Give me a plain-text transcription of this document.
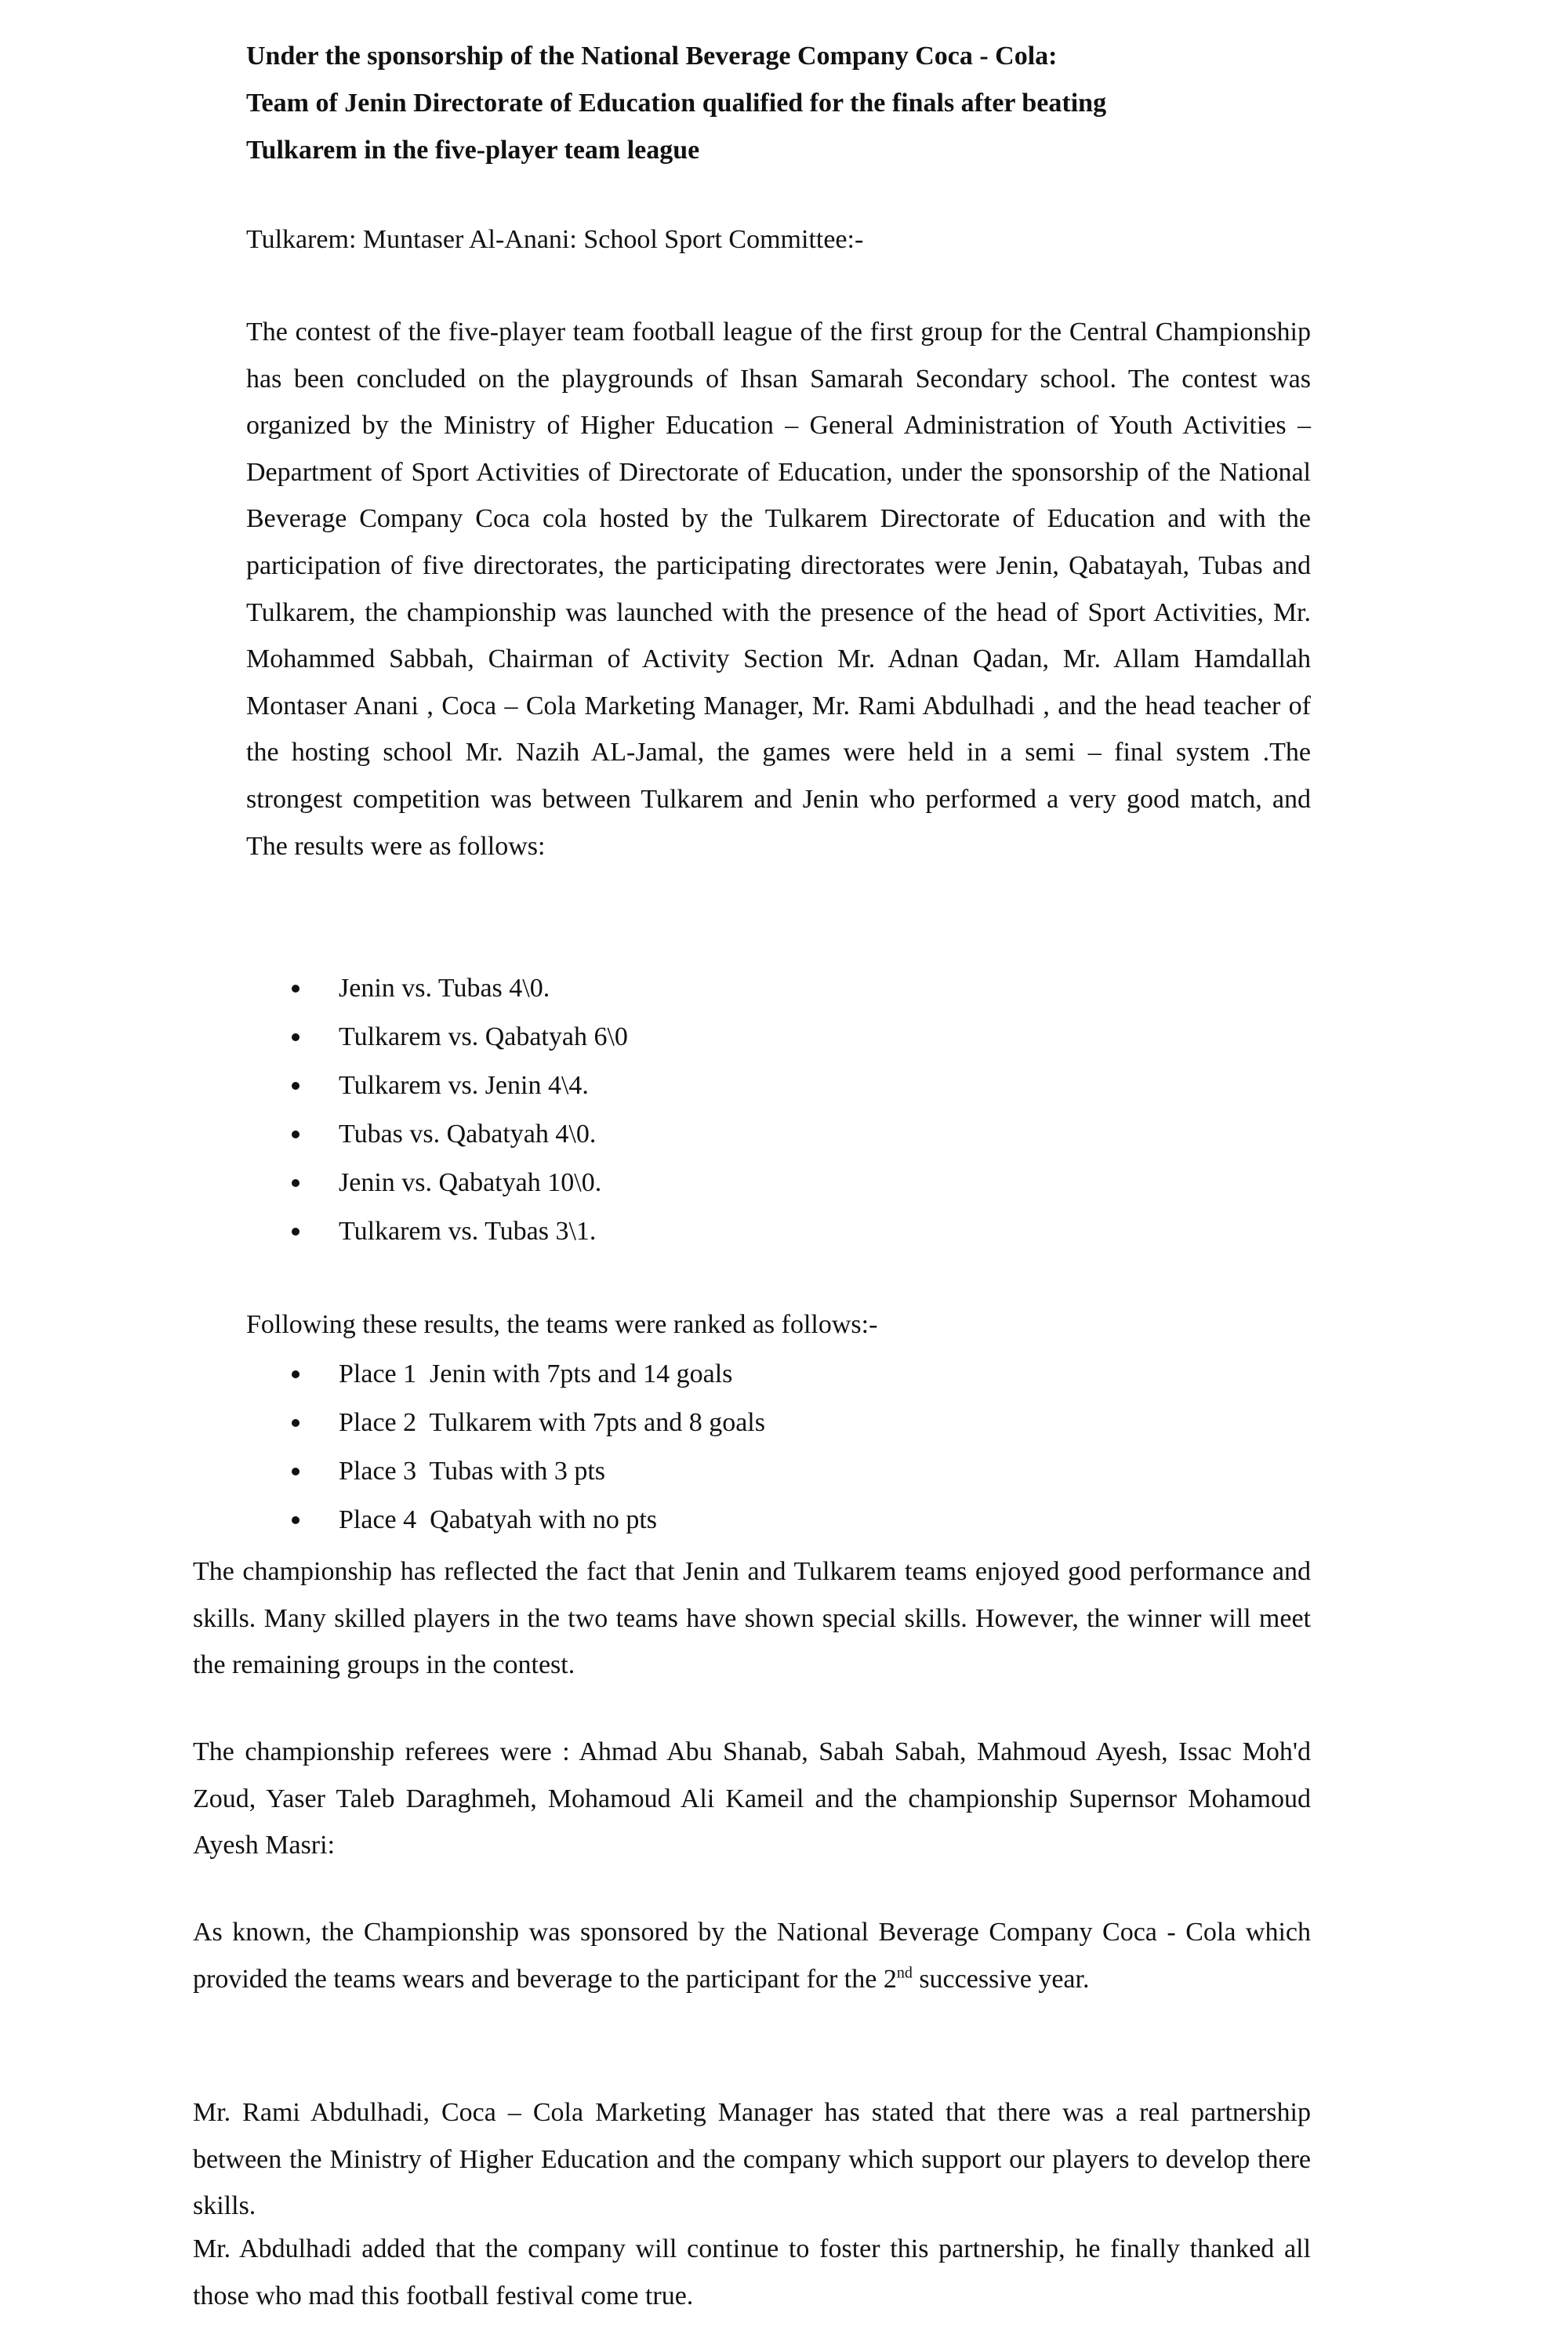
Under the sponsorship of the National Beverage Company Coca - Cola:
Team of Jenin Directorate of Education qualified for the finals after beating
Tulkarem in the five-player team league
Tulkarem: Muntaser Al-Anani: School Sport Committee:-

The contest of the five-player team football league of the first group for the Central Championship has been concluded on the playgrounds of Ihsan Samarah Secondary school. The contest was organized by the Ministry of Higher Education – General Administration of Youth Activities – Department of Sport Activities of Directorate of Education, under the sponsorship of the National Beverage Company Coca cola hosted by the Tulkarem Directorate of Education and with the participation of five directorates, the participating directorates were Jenin, Qabatayah, Tubas and Tulkarem, the championship was launched with the presence of the head of Sport Activities, Mr. Mohammed Sabbah, Chairman of Activity Section Mr. Adnan Qadan, Mr. Allam Hamdallah Montaser Anani , Coca – Cola Marketing Manager, Mr. Rami Abdulhadi , and the head teacher of the hosting school Mr. Nazih AL-Jamal, the games were held in a semi – final system .The strongest competition was between Tulkarem and Jenin who performed a very good match, and The results were as follows:

Jenin vs. Tubas 4\0.
Tulkarem vs. Qabatyah 6\0
Tulkarem vs. Jenin 4\4.
Tubas vs. Qabatyah 4\0.
Jenin vs. Qabatyah 10\0.
Tulkarem vs. Tubas 3\1.
Following these results, the teams were ranked as follows:-
Place 1  Jenin with 7pts and 14 goals
Place 2  Tulkarem with 7pts and 8 goals
Place 3  Tubas with 3 pts
Place 4  Qabatyah with no pts

The championship has reflected the fact that Jenin and Tulkarem teams enjoyed good performance and skills. Many skilled players in the two teams have shown special skills. However, the winner will meet the remaining groups in the contest.

The championship referees were : Ahmad Abu Shanab, Sabah Sabah, Mahmoud Ayesh, Issac Moh'd Zoud, Yaser Taleb Daraghmeh, Mohamoud Ali Kameil and the championship Supernsor Mohamoud Ayesh Masri:

As known, the Championship was sponsored by the National Beverage Company Coca - Cola which provided the teams wears and beverage to the participant for the 2nd successive year.

Mr. Rami Abdulhadi, Coca – Cola Marketing Manager has stated that there was a real partnership between the Ministry of Higher Education and the company which support our players to develop there skills.

Mr. Abdulhadi added that the company will continue to foster this partnership, he finally thanked all those who mad this football festival come true.
